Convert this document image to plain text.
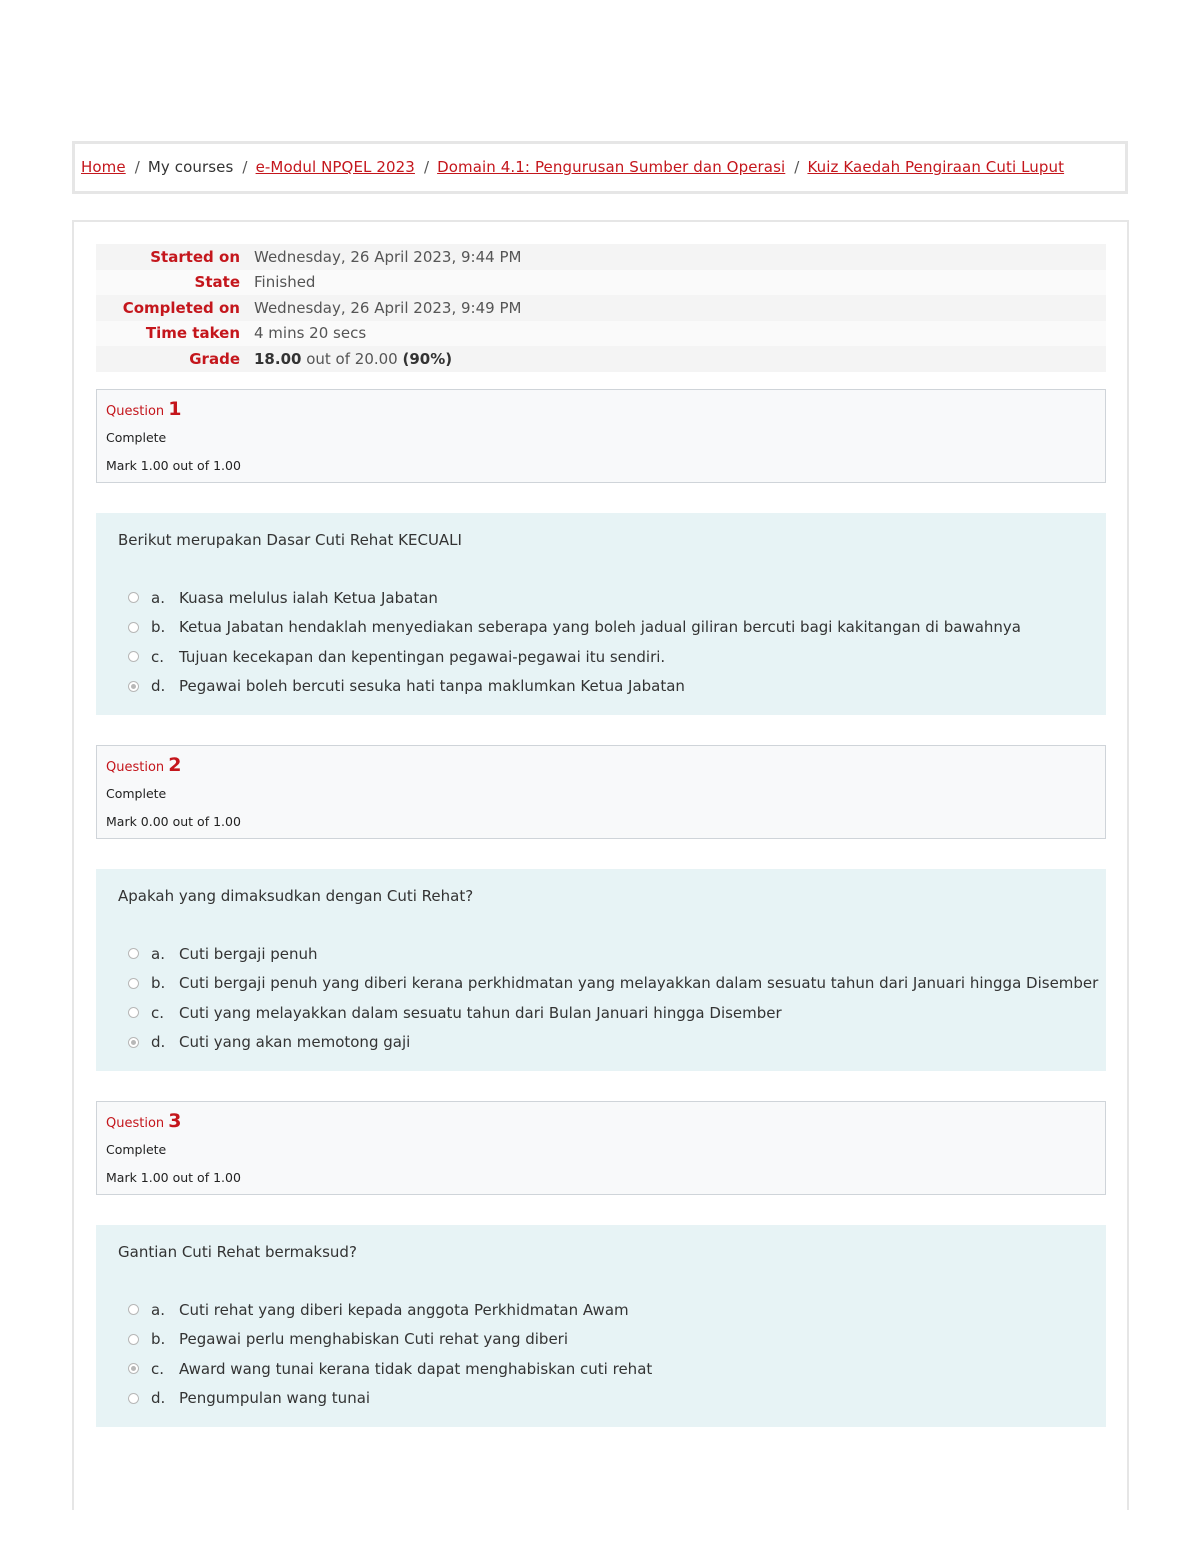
Home / My courses / e-Modul NPQEL 2023 / Domain 4.1: Pengurusan Sumber dan Operasi / Kuiz Kaedah Pengiraan Cuti Luput
Started on Wednesday, 26 April 2023, 9:44 PM
State Finished
Completed on Wednesday, 26 April 2023, 9:49 PM
Time taken 4 mins 20 secs
Grade 18.00 out of 20.00 (90%)
Question 1
Complete
Mark 1.00 out of 1.00
Berikut merupakan Dasar Cuti Rehat KECUALI
a. Kuasa melulus ialah Ketua Jabatan
b. Ketua Jabatan hendaklah menyediakan seberapa yang boleh jadual giliran bercuti bagi kakitangan di bawahnya
c. Tujuan kecekapan dan kepentingan pegawai-pegawai itu sendiri.
d. Pegawai boleh bercuti sesuka hati tanpa maklumkan Ketua Jabatan
Question 2
Complete
Mark 0.00 out of 1.00
Apakah yang dimaksudkan dengan Cuti Rehat?
a. Cuti bergaji penuh
b. Cuti bergaji penuh yang diberi kerana perkhidmatan yang melayakkan dalam sesuatu tahun dari Januari hingga Disember
c. Cuti yang melayakkan dalam sesuatu tahun dari Bulan Januari hingga Disember
d. Cuti yang akan memotong gaji
Question 3
Complete
Mark 1.00 out of 1.00
Gantian Cuti Rehat bermaksud?
a. Cuti rehat yang diberi kepada anggota Perkhidmatan Awam
b. Pegawai perlu menghabiskan Cuti rehat yang diberi
c. Award wang tunai kerana tidak dapat menghabiskan cuti rehat
d. Pengumpulan wang tunai
